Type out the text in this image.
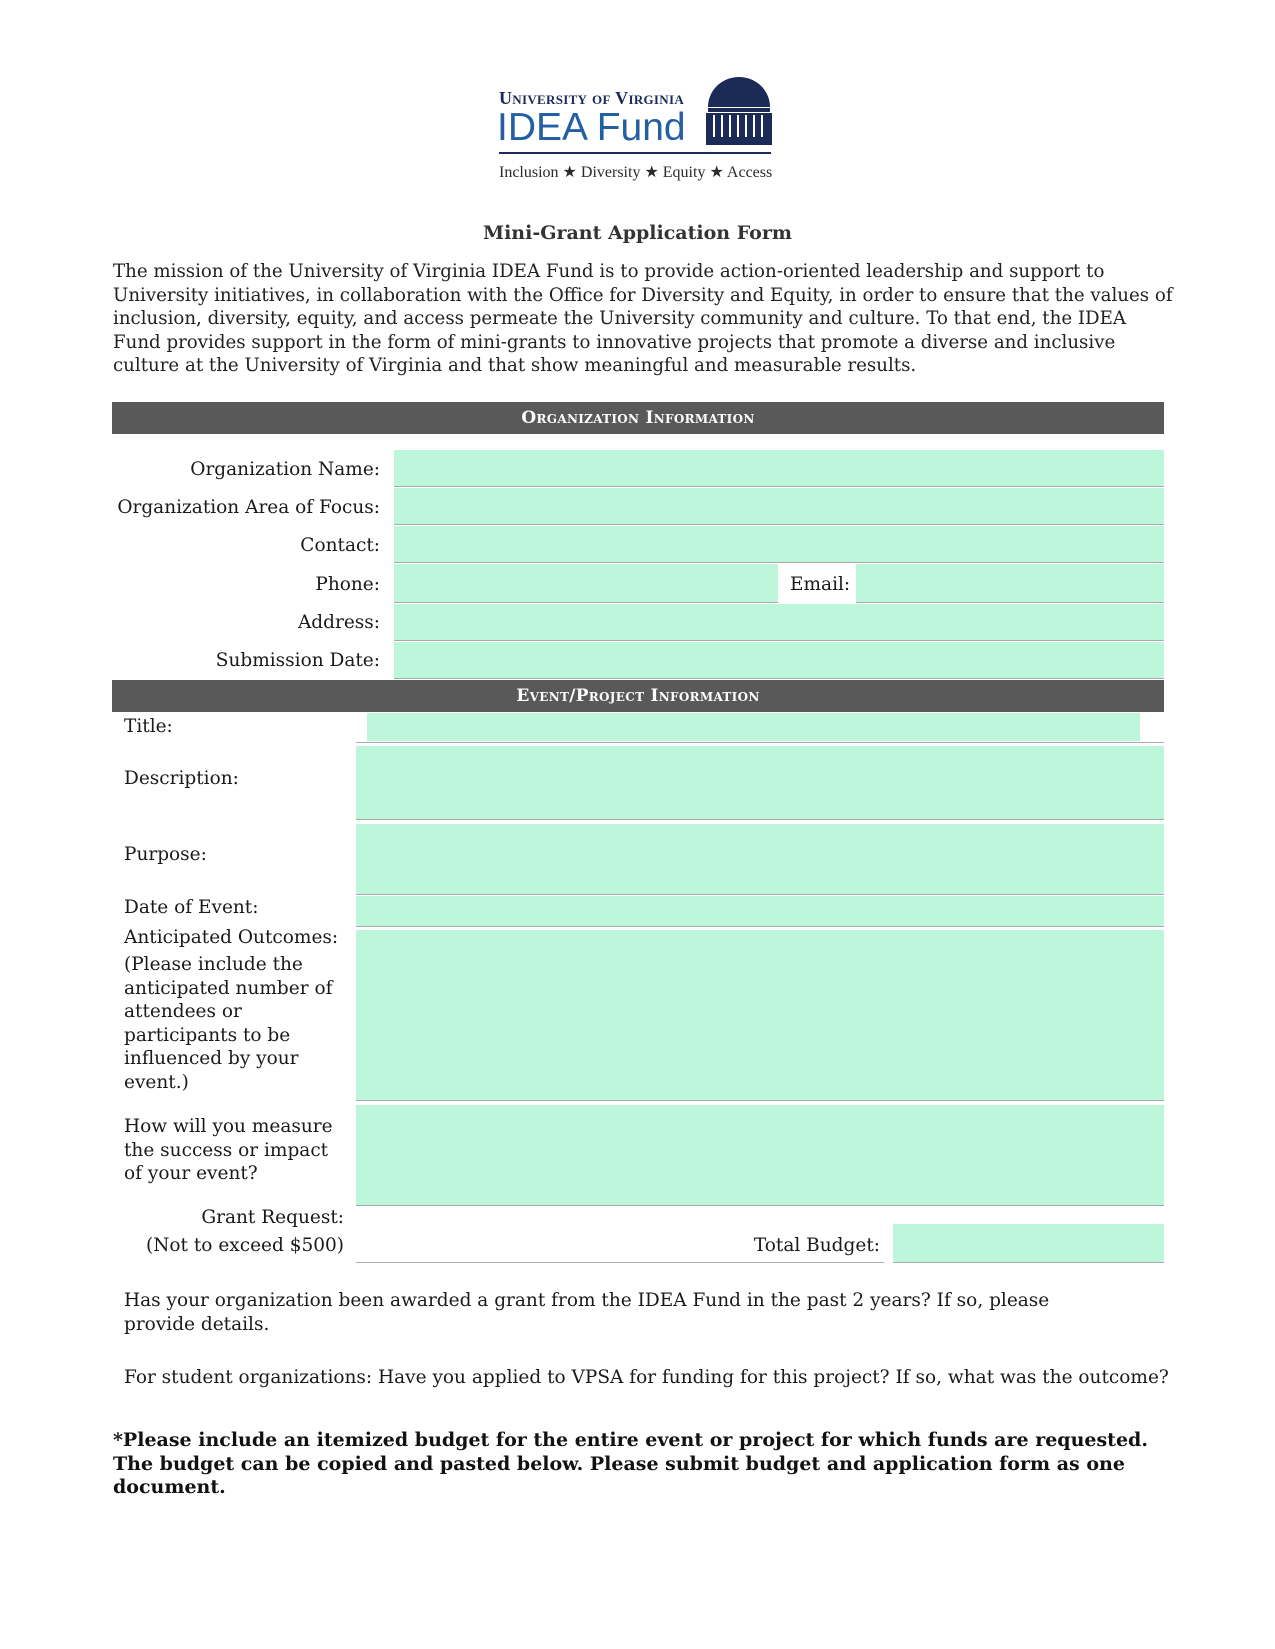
University of Virginia
IDEA Fund
Inclusion ★ Diversity ★ Equity ★ Access
Mini-Grant Application Form
The mission of the University of Virginia IDEA Fund is to provide action-oriented leadership and support to University initiatives, in collaboration with the Office for Diversity and Equity, in order to ensure that the values of inclusion, diversity, equity, and access permeate the University community and culture. To that end, the IDEA Fund provides support in the form of mini-grants to innovative projects that promote a diverse and inclusive culture at the University of Virginia and that show meaningful and measurable results.
Organization Information
Organization Name:
Organization Area of Focus:
Contact:
Phone:	Email:
Address:
Submission Date:
Event/Project Information
Title:
Description:
Purpose:
Date of Event:
Anticipated Outcomes:
(Please include the anticipated number of attendees or participants to be influenced by your event.)
How will you measure the success or impact of your event?
Grant Request:
(Not to exceed $500)	Total Budget:
Has your organization been awarded a grant from the IDEA Fund in the past 2 years? If so, please provide details.
For student organizations: Have you applied to VPSA for funding for this project? If so, what was the outcome?
*Please include an itemized budget for the entire event or project for which funds are requested. The budget can be copied and pasted below. Please submit budget and application form as one document.
